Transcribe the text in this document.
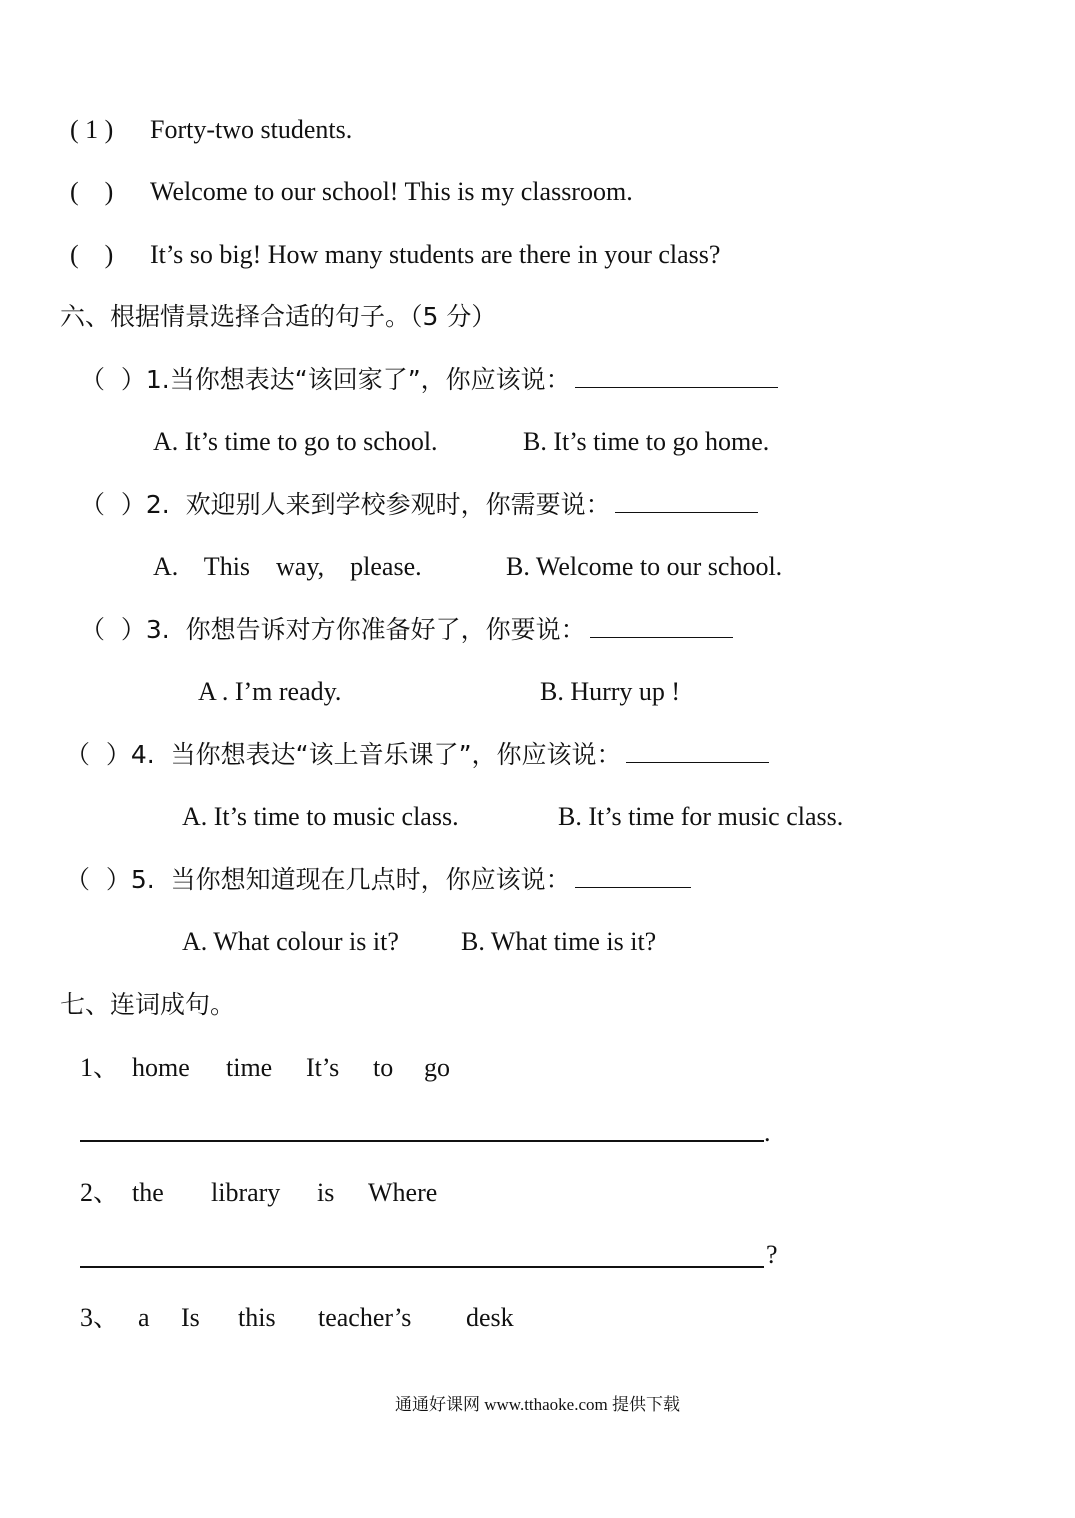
( 1 ) Forty-two students.
(    ) Welcome to our school! This is my classroom.
(    ) It’s so big! How many students are there in your class?
六、根据情景选择合适的句子。（5 分）
（  ）1.当你想表达“该回家了”，你应该说：
A. It’s time to go to school.	B. It’s time to go home.
（  ）2.  欢迎别人来到学校参观时，你需要说：
A.    This    way,    please.	B. Welcome to our school.
（  ）3.  你想告诉对方你准备好了，你要说：
A . I’m ready.	B. Hurry up !
（  ）4.  当你想表达“该上音乐课了”，你应该说：
A. It’s time to music class.	B. It’s time for music class.
（  ）5.  当你想知道现在几点时，你应该说：
A. What colour is it? B. What time is it?
七、连词成句。
1、 home time It’s to go
.
2、 the library is Where
?
3、 a Is this teacher’s desk
通通好课网 www.tthaoke.com 提供下载
